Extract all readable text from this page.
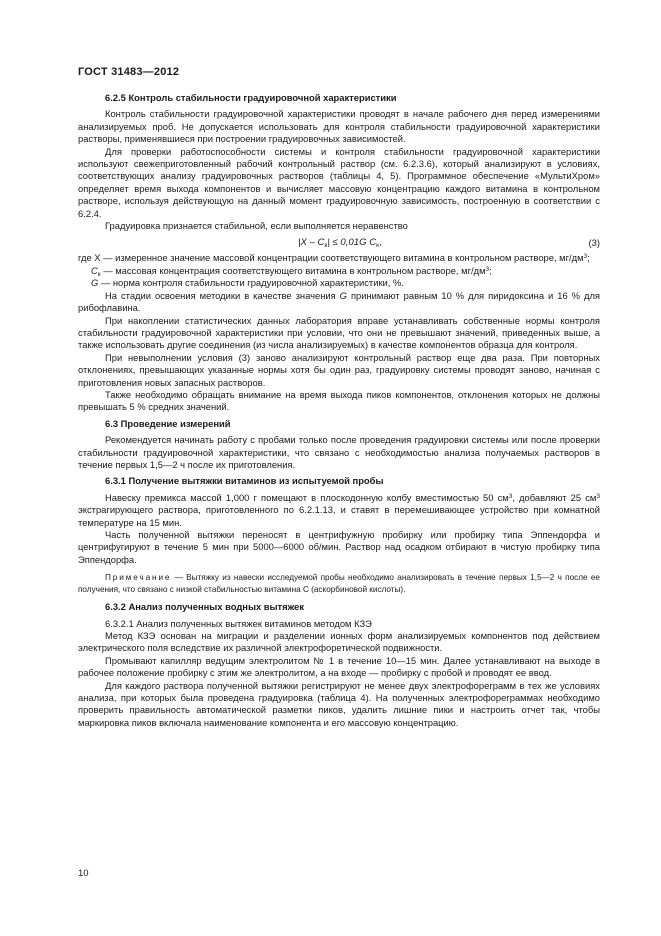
ГОСТ 31483—2012

6.2.5 Контроль стабильности градуировочной характеристики

Контроль стабильности градуировочной характеристики проводят в начале рабочего дня перед измерениями анализируемых проб. Не допускается использовать для контроля стабильности градуировочной характеристики растворы, применявшиеся при построении градуировочных зависимостей.

Для проверки работоспособности системы и контроля стабильности градуировочной характеристики используют свежеприготовленный рабочий контрольный раствор (см. 6.2.3.6), который анализируют в условиях, соответствующих анализу градуировочных растворов (таблицы 4, 5). Программное обеспечение «МультиХром» определяет время выхода компонентов и вычисляет массовую концентрацию каждого витамина в контрольном растворе, используя действующую на данный момент градуировочную зависимость, построенную в соответствии с 6.2.4.

Градуировка признается стабильной, если выполняется неравенство

$|X - C_к| \le 0,01G$ $C_к$,	(3)

где X — измеренное значение массовой концентрации соответствующего витамина в контрольном растворе, $мг/дм^3$;

$C_к$ — массовая концентрация соответствующего витамина в контрольном растворе, $мг/дм^3$;

G — норма контроля стабильности градуировочной характеристики, %.

На стадии освоения методики в качестве значения G принимают равным 10 % для пиридоксина и 16 % для рибофлавина.

При накоплении статистических данных лаборатория вправе устанавливать собственные нормы контроля стабильности градуировочной характеристики при условии, что они не превышают значений, приведенных выше, а также использовать другие соединения (из числа анализируемых) в качестве компонентов образца для контроля.

При невыполнении условия (3) заново анализируют контрольный раствор еще два раза. При повторных отклонениях, превышающих указанные нормы хотя бы один раз, градуировку системы проводят заново, начиная с приготовления новых запасных растворов.

Также необходимо обращать внимание на время выхода пиков компонентов, отклонения которых не должны превышать 5 % средних значений.

6.3 Проведение измерений

Рекомендуется начинать работу с пробами только после проведения градуировки системы или после проверки стабильности градуировочной характеристики, что связано с необходимостью анализа получаемых растворов в течение первых 1,5—2 ч после их приготовления.

6.3.1 Получение вытяжки витаминов из испытуемой пробы

Навеску премикса массой 1,000 г помещают в плоскодонную колбу вместимостью 50 $см^3$, добавляют 25 $см^3$ экстрагирующего раствора, приготовленного по 6.2.1.13, и ставят в перемешивающее устройство при комнатной температуре на 15 мин.

Часть полученной вытяжки переносят в центрифужную пробирку или пробирку типа Эппендорфа и центрифугируют в течение 5 мин при 5000—6000 об/мин. Раствор над осадком отбирают в чистую пробирку типа Эппендорфа.

Примечание — Вытяжку из навески исследуемой пробы необходимо анализировать в течение первых 1,5—2 ч после ее получения, что связано с низкой стабильностью витамина С (аскорбиновой кислоты).

6.3.2 Анализ полученных водных вытяжек

6.3.2.1 Анализ полученных вытяжек витаминов методом КЗЭ

Метод КЗЭ основан на миграции и разделении ионных форм анализируемых компонентов под действием электрического поля вследствие их различной электрофоретической подвижности.

Промывают капилляр ведущим электролитом № 1 в течение 10—15 мин. Далее устанавливают на выходе в рабочее положение пробирку с этим же электролитом, а на входе — пробирку с пробой и проводят ее ввод.

Для каждого раствора полученной вытяжки регистрируют не менее двух электрофореграмм в тех же условиях анализа, при которых была проведена градуировка (таблица 4). На полученных электрофореграммах необходимо проверить правильность автоматической разметки пиков, удалить лишние пики и настроить отчет так, чтобы маркировка пиков включала наименование компонента и его массовую концентрацию.

10
